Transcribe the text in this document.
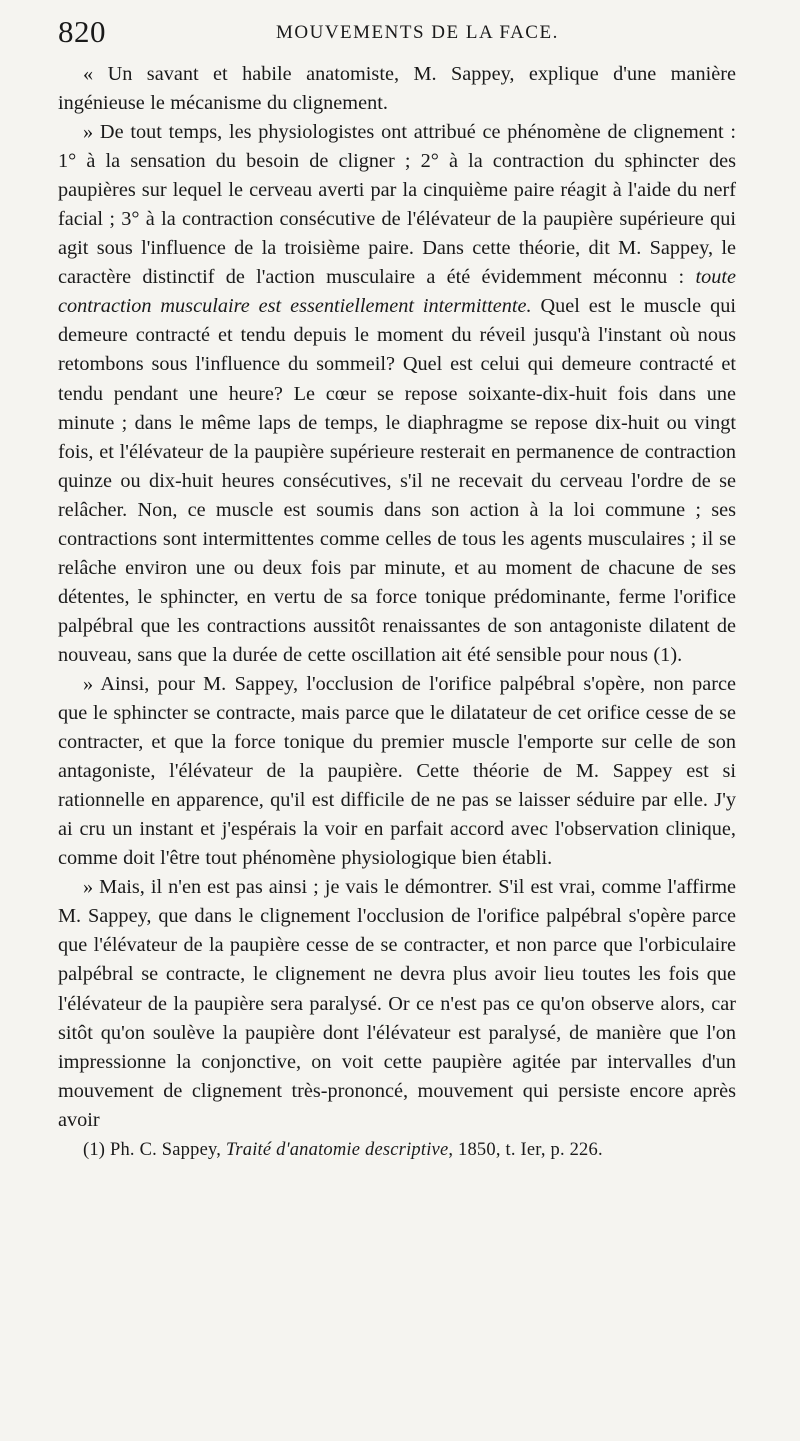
820	MOUVEMENTS DE LA FACE.

« Un savant et habile anatomiste, M. Sappey, explique d'une manière ingénieuse le mécanisme du clignement.

» De tout temps, les physiologistes ont attribué ce phénomène de clignement : 1° à la sensation du besoin de cligner ; 2° à la contraction du sphincter des paupières sur lequel le cerveau averti par la cinquième paire réagit à l'aide du nerf facial ; 3° à la contraction consécutive de l'élévateur de la paupière supérieure qui agit sous l'influence de la troisième paire. Dans cette théorie, dit M. Sappey, le caractère distinctif de l'action musculaire a été évidemment méconnu : toute contraction musculaire est essentiellement intermittente. Quel est le muscle qui demeure contracté et tendu depuis le moment du réveil jusqu'à l'instant où nous retombons sous l'influence du sommeil? Quel est celui qui demeure contracté et tendu pendant une heure? Le cœur se repose soixante-dix-huit fois dans une minute ; dans le même laps de temps, le diaphragme se repose dix-huit ou vingt fois, et l'élévateur de la paupière supérieure resterait en permanence de contraction quinze ou dix-huit heures consécutives, s'il ne recevait du cerveau l'ordre de se relâcher. Non, ce muscle est soumis dans son action à la loi commune ; ses contractions sont intermittentes comme celles de tous les agents musculaires ; il se relâche environ une ou deux fois par minute, et au moment de chacune de ses détentes, le sphincter, en vertu de sa force tonique prédominante, ferme l'orifice palpébral que les contractions aussitôt renaissantes de son antagoniste dilatent de nouveau, sans que la durée de cette oscillation ait été sensible pour nous (1).

» Ainsi, pour M. Sappey, l'occlusion de l'orifice palpébral s'opère, non parce que le sphincter se contracte, mais parce que le dilatateur de cet orifice cesse de se contracter, et que la force tonique du premier muscle l'emporte sur celle de son antagoniste, l'élévateur de la paupière. Cette théorie de M. Sappey est si rationnelle en apparence, qu'il est difficile de ne pas se laisser séduire par elle. J'y ai cru un instant et j'espérais la voir en parfait accord avec l'observation clinique, comme doit l'être tout phénomène physiologique bien établi.

» Mais, il n'en est pas ainsi ; je vais le démontrer. S'il est vrai, comme l'affirme M. Sappey, que dans le clignement l'occlusion de l'orifice palpébral s'opère parce que l'élévateur de la paupière cesse de se contracter, et non parce que l'orbiculaire palpébral se contracte, le clignement ne devra plus avoir lieu toutes les fois que l'élévateur de la paupière sera paralysé. Or ce n'est pas ce qu'on observe alors, car sitôt qu'on soulève la paupière dont l'élévateur est paralysé, de manière que l'on impressionne la conjonctive, on voit cette paupière agitée par intervalles d'un mouvement de clignement très-prononcé, mouvement qui persiste encore après avoir

(1) Ph. C. Sappey, Traité d'anatomie descriptive, 1850, t. Ier, p. 226.
